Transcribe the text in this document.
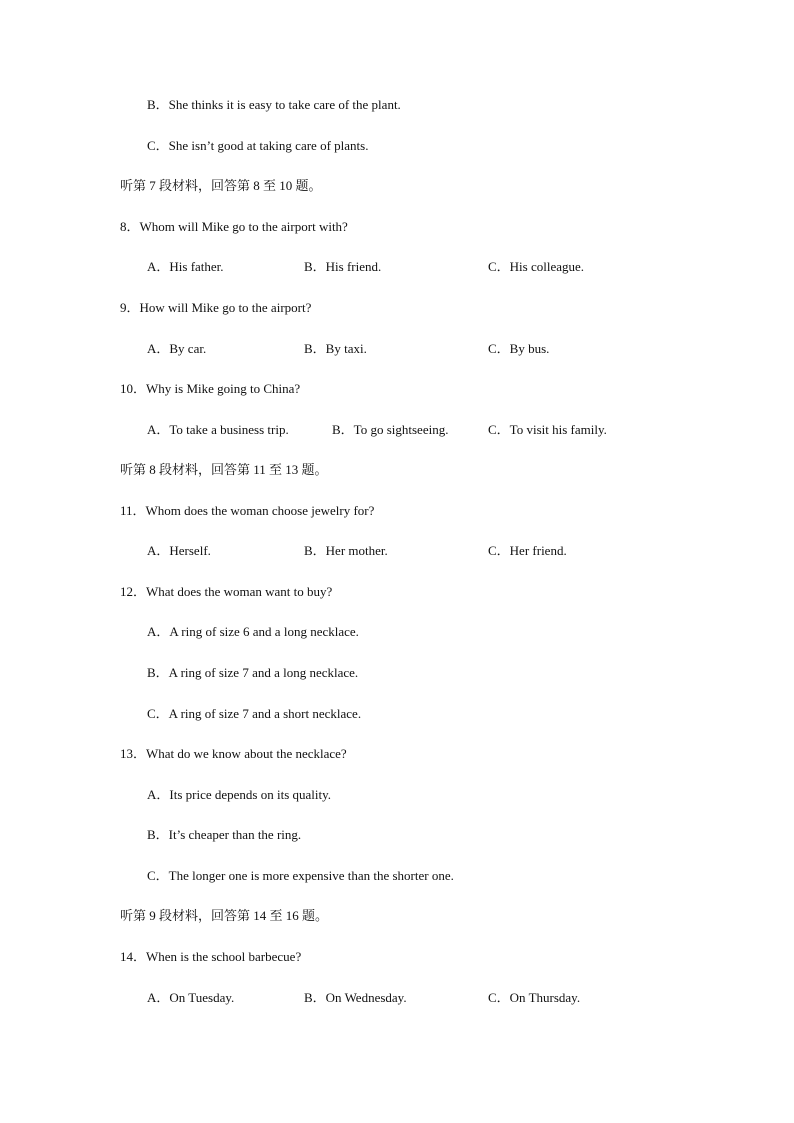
B．She thinks it is easy to take care of the plant.
C．She isn’t good at taking care of plants.
听第 7 段材料，回答第 8 至 10 题。
8．Whom will Mike go to the airport with?
A．His father.	B．His friend.	C．His colleague.
9．How will Mike go to the airport?
A．By car.	B．By taxi.	C．By bus.
10．Why is Mike going to China?
A．To take a business trip.	B．To go sightseeing.	C．To visit his family.
听第 8 段材料，回答第 11 至 13 题。
11．Whom does the woman choose jewelry for?
A．Herself.	B．Her mother.	C．Her friend.
12．What does the woman want to buy?
A．A ring of size 6 and a long necklace.
B．A ring of size 7 and a long necklace.
C．A ring of size 7 and a short necklace.
13．What do we know about the necklace?
A．Its price depends on its quality.
B．It’s cheaper than the ring.
C．The longer one is more expensive than the shorter one.
听第 9 段材料，回答第 14 至 16 题。
14．When is the school barbecue?
A．On Tuesday.	B．On Wednesday.	C．On Thursday.
